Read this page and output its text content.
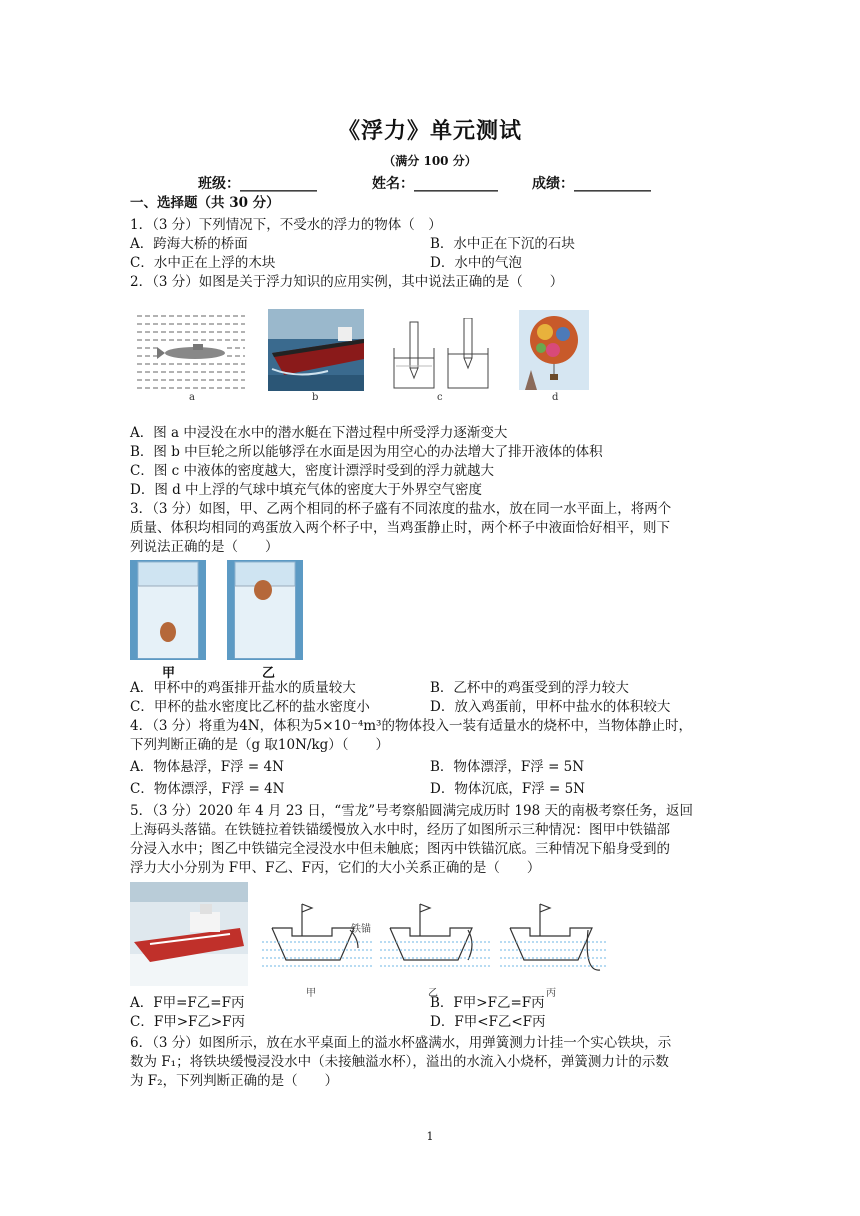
《浮力》单元测试
（满分 100 分）
班级：___________	姓名：____________ 成绩：___________
一、选择题（共 30 分）
1．（3 分）下列情况下，不受水的浮力的物体（　）
A．跨海大桥的桥面	B．水中正在下沉的石块
C．水中正在上浮的木块	D．水中的气泡
2．（3 分）如图是关于浮力知识的应用实例，其中说法正确的是（　　）
a	b	c	d
A．图 a 中浸没在水中的潜水艇在下潜过程中所受浮力逐渐变大
B．图 b 中巨轮之所以能够浮在水面是因为用空心的办法增大了排开液体的体积
C．图 c 中液体的密度越大，密度计漂浮时受到的浮力就越大
D．图 d 中上浮的气球中填充气体的密度大于外界空气密度
3．（3 分）如图，甲、乙两个相同的杯子盛有不同浓度的盐水，放在同一水平面上，将两个
质量、体积均相同的鸡蛋放入两个杯子中，当鸡蛋静止时，两个杯子中液面恰好相平，则下
列说法正确的是（　　）
甲	乙
A．甲杯中的鸡蛋排开盐水的质量较大	B．乙杯中的鸡蛋受到的浮力较大
C．甲杯的盐水密度比乙杯的盐水密度小	D．放入鸡蛋前，甲杯中盐水的体积较大
4．（3 分）将重为4N，体积为5×10⁻⁴m³的物体投入一装有适量水的烧杯中，当物体静止时，
下列判断正确的是（g 取10N/kg）（　　）
A．物体悬浮，F浮 = 4N	B．物体漂浮，F浮 = 5N
C．物体漂浮，F浮 = 4N	D．物体沉底，F浮 = 5N
5．（3 分）2020 年 4 月 23 日，“雪龙”号考察船圆满完成历时 198 天的南极考察任务，返回
上海码头落锚。在铁链拉着铁锚缓慢放入水中时，经历了如图所示三种情况：图甲中铁锚部
分浸入水中；图乙中铁锚完全浸没水中但未触底；图丙中铁锚沉底。三种情况下船身受到的
浮力大小分别为 F甲、F乙、F丙，它们的大小关系正确的是（　　）
铁锚
甲	乙	丙
A．F甲=F乙=F丙	B．F甲>F乙=F丙
C．F甲>F乙>F丙	D．F甲<F乙<F丙
6．（3 分）如图所示，放在水平桌面上的溢水杯盛满水，用弹簧测力计挂一个实心铁块，示
数为 F₁；将铁块缓慢浸没水中（未接触溢水杯），溢出的水流入小烧杯，弹簧测力计的示数
为 F₂，下列判断正确的是（　　）
1
